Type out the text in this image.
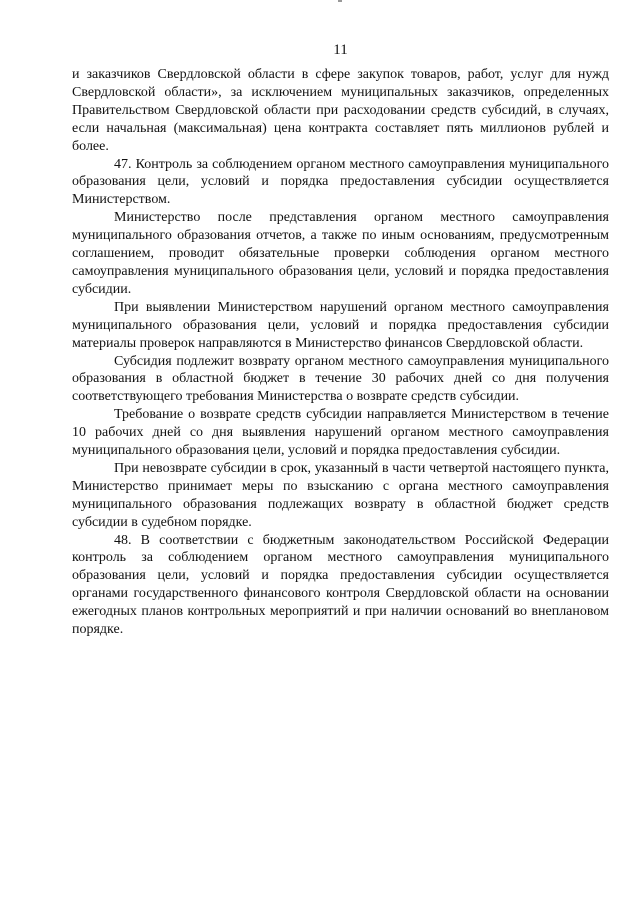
11

и заказчиков Свердловской области в сфере закупок товаров, работ, услуг для нужд Свердловской области», за исключением муниципальных заказчиков, определенных Правительством Свердловской области при расходовании средств субсидий, в случаях, если начальная (максимальная) цена контракта составляет пять миллионов рублей и более.

47. Контроль за соблюдением органом местного самоуправления муниципального образования цели, условий и порядка предоставления субсидии осуществляется Министерством.

Министерство после представления органом местного самоуправления муниципального образования отчетов, а также по иным основаниям, предусмотренным соглашением, проводит обязательные проверки соблюдения органом местного самоуправления муниципального образования цели, условий и порядка предоставления субсидии.

При выявлении Министерством нарушений органом местного самоуправления муниципального образования цели, условий и порядка предоставления субсидии материалы проверок направляются в Министерство финансов Свердловской области.

Субсидия подлежит возврату органом местного самоуправления муниципального образования в областной бюджет в течение 30 рабочих дней со дня получения соответствующего требования Министерства о возврате средств субсидии.

Требование о возврате средств субсидии направляется Министерством в течение 10 рабочих дней со дня выявления нарушений органом местного самоуправления муниципального образования цели, условий и порядка предоставления субсидии.

При невозврате субсидии в срок, указанный в части четвертой настоящего пункта, Министерство принимает меры по взысканию с органа местного самоуправления муниципального образования подлежащих возврату в областной бюджет средств субсидии в судебном порядке.

48. В соответствии с бюджетным законодательством Российской Федерации контроль за соблюдением органом местного самоуправления муниципального образования цели, условий и порядка предоставления субсидии осуществляется органами государственного финансового контроля Свердловской области на основании ежегодных планов контрольных мероприятий и при наличии оснований во внеплановом порядке.
